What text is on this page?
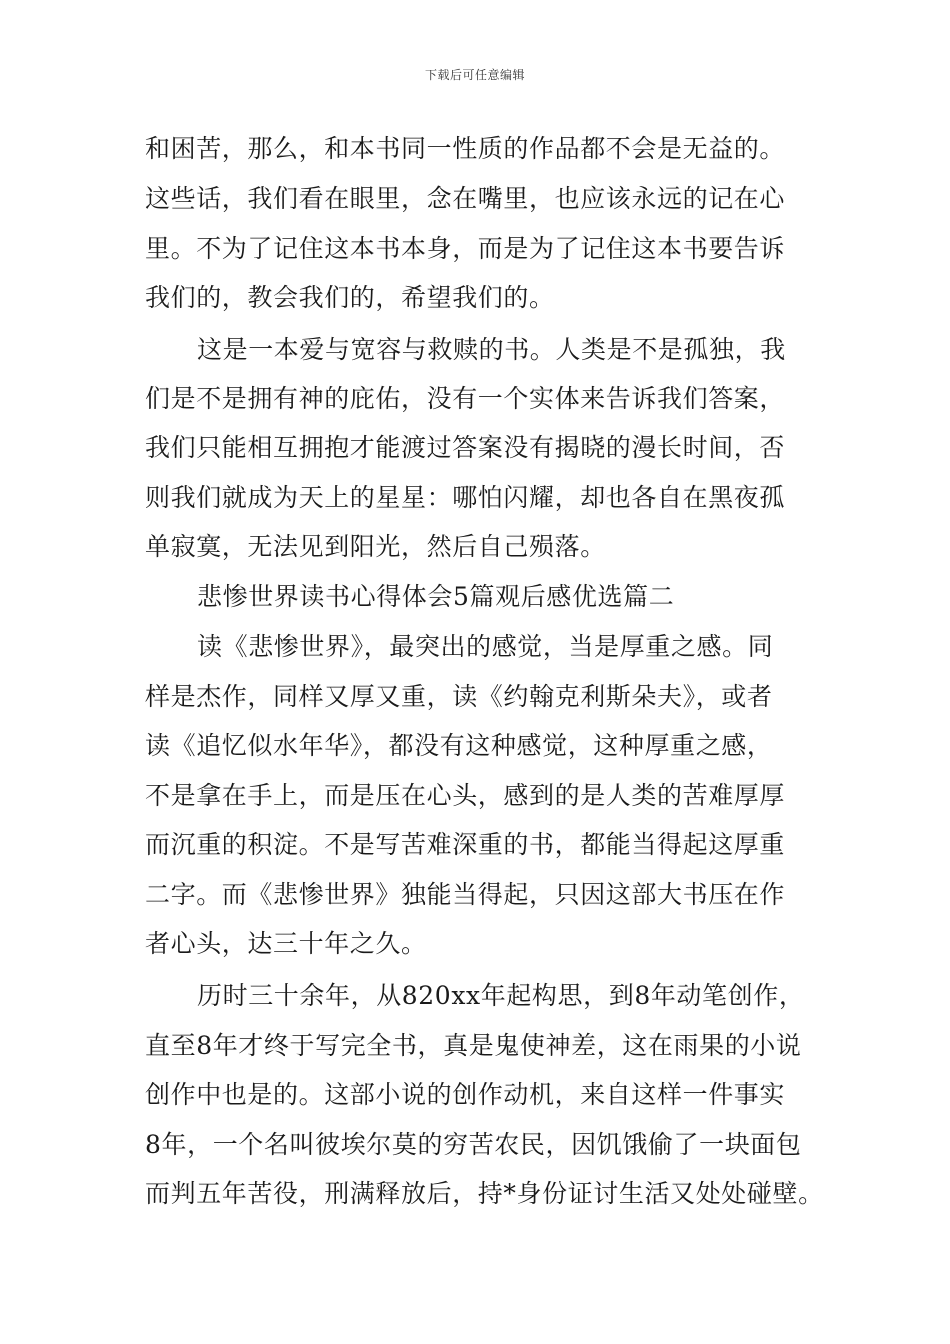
下载后可任意编辑
和困苦，那么，和本书同一性质的作品都不会是无益的。
这些话，我们看在眼里，念在嘴里，也应该永远的记在心
里。不为了记住这本书本身，而是为了记住这本书要告诉
我们的，教会我们的，希望我们的。
这是一本爱与宽容与救赎的书。人类是不是孤独，我
们是不是拥有神的庇佑，没有一个实体来告诉我们答案，
我们只能相互拥抱才能渡过答案没有揭晓的漫长时间，否
则我们就成为天上的星星：哪怕闪耀，却也各自在黑夜孤
单寂寞，无法见到阳光，然后自己殒落。
悲惨世界读书心得体会5篇观后感优选篇二
读《悲惨世界》，最突出的感觉，当是厚重之感。同
样是杰作，同样又厚又重，读《约翰克利斯朵夫》，或者
读《追忆似水年华》，都没有这种感觉，这种厚重之感，
不是拿在手上，而是压在心头，感到的是人类的苦难厚厚
而沉重的积淀。不是写苦难深重的书，都能当得起这厚重
二字。而《悲惨世界》独能当得起，只因这部大书压在作
者心头，达三十年之久。
历时三十余年，从820xx年起构思，到8年动笔创作，
直至8年才终于写完全书，真是鬼使神差，这在雨果的小说
创作中也是的。这部小说的创作动机，来自这样一件事实
8年，一个名叫彼埃尔莫的穷苦农民，因饥饿偷了一块面包
而判五年苦役，刑满释放后，持*身份证讨生活又处处碰壁。
